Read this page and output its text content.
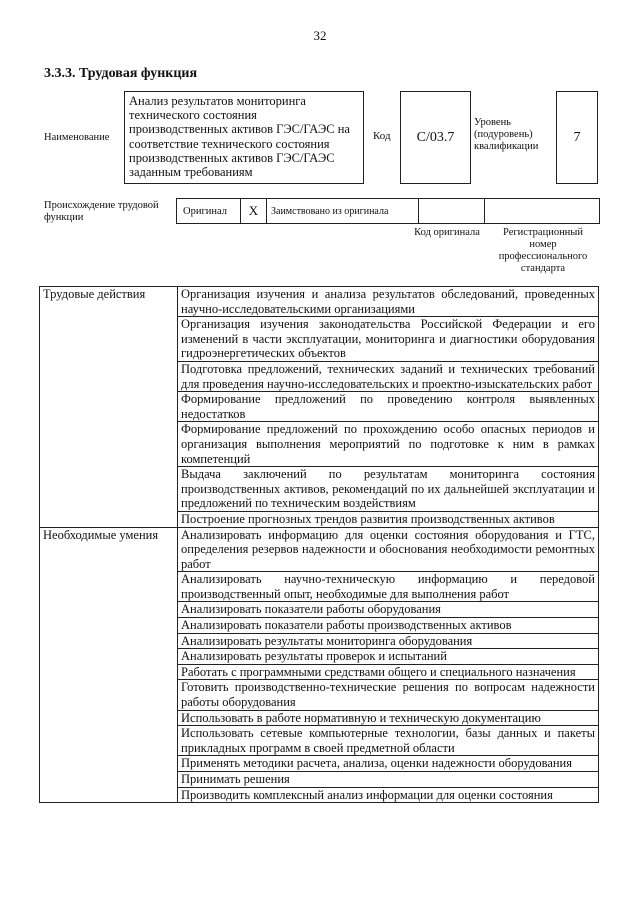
32
3.3.3. Трудовая функция
Наименование
Анализ результатов мониторинга технического состояния производственных активов ГЭС/ГАЭС на соответствие технического состояния производственных активов ГЭС/ГАЭС заданным требованиям
Код	С/03.7
Уровень (подуровень) квалификации
7
Происхождение трудовой функции
Оригинал X Заимствовано из оригинала
Код оригинала	Регистрационный номер профессионального стандарта
Трудовые действия	Организация изучения и анализа результатов обследований, проведенных научно-исследовательскими организациями
	Организация изучения законодательства Российской Федерации и его изменений в части эксплуатации, мониторинга и диагностики оборудования гидроэнергетических объектов
	Подготовка предложений, технических заданий и технических требований для проведения научно-исследовательских и проектно-изыскательских работ
	Формирование предложений по проведению контроля выявленных недостатков
	Формирование предложений по прохождению особо опасных периодов и организация выполнения мероприятий по подготовке к ним в рамках компетенций
	Выдача заключений по результатам мониторинга состояния производственных активов, рекомендаций по их дальнейшей эксплуатации и предложений по техническим воздействиям
	Построение прогнозных трендов развития производственных активов
Необходимые умения	Анализировать информацию для оценки состояния оборудования и ГТС, определения резервов надежности и обоснования необходимости ремонтных работ
	Анализировать научно-техническую информацию и передовой производственный опыт, необходимые для выполнения работ
	Анализировать показатели работы оборудования
	Анализировать показатели работы производственных активов
	Анализировать результаты мониторинга оборудования
	Анализировать результаты проверок и испытаний
	Работать с программными средствами общего и специального назначения
	Готовить производственно-технические решения по вопросам надежности работы оборудования
	Использовать в работе нормативную и техническую документацию
	Использовать сетевые компьютерные технологии, базы данных и пакеты прикладных программ в своей предметной области
	Применять методики расчета, анализа, оценки надежности оборудования
	Принимать решения
	Производить комплексный анализ информации для оценки состояния
